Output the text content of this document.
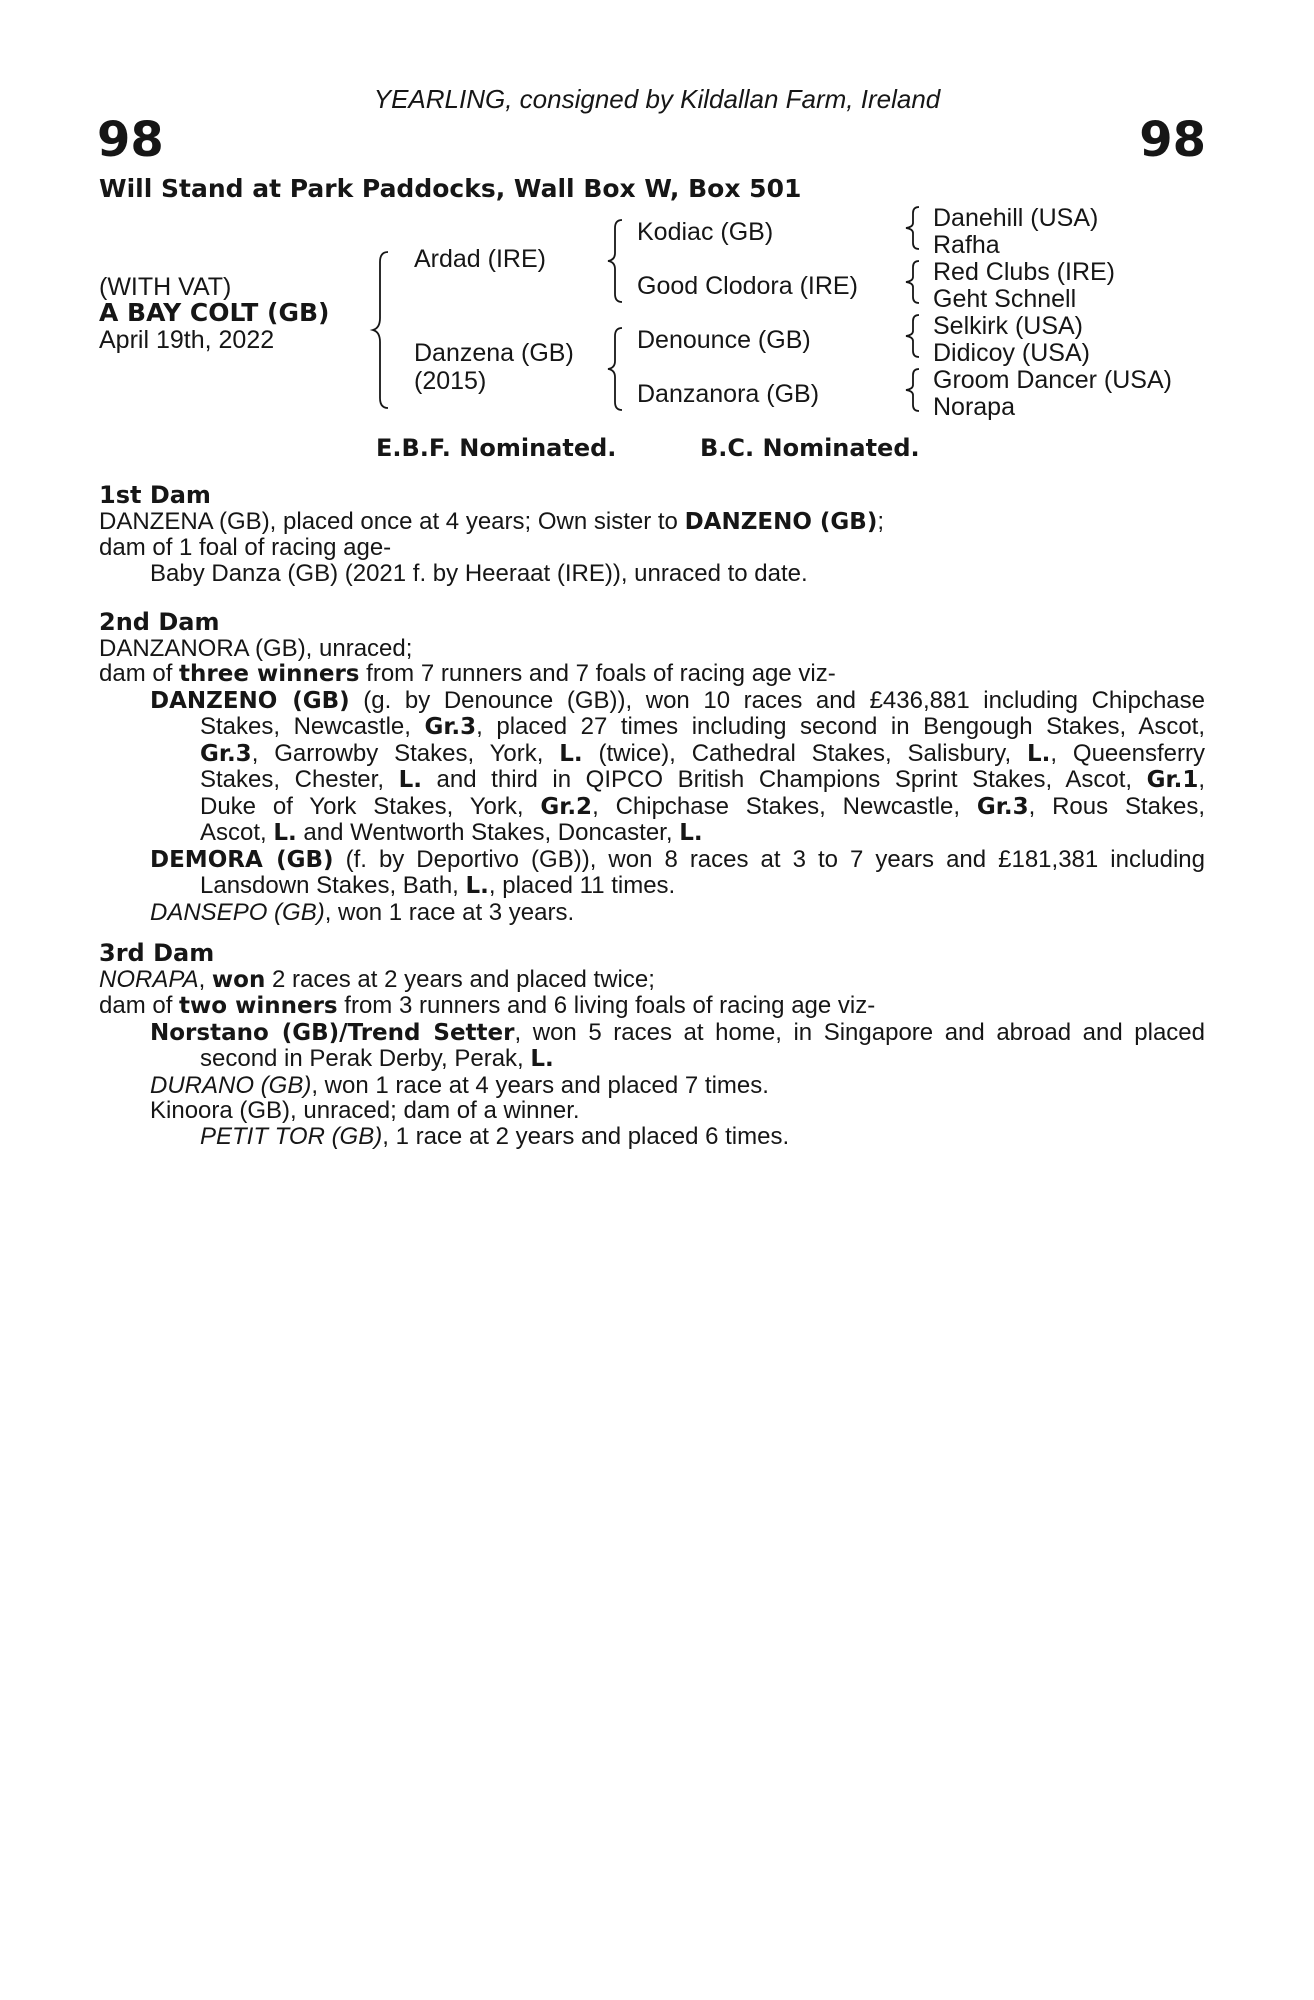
YEARLING, consigned by Kildallan Farm, Ireland
98	98
Will Stand at Park Paddocks, Wall Box W, Box 501
(WITH VAT)
A BAY COLT (GB)
April 19th, 2022
Ardad (IRE)
Danzena (GB)
(2015)
Kodiac (GB)
Good Clodora (IRE)
Denounce (GB)
Danzanora (GB)
Danehill (USA)
Rafha
Red Clubs (IRE)
Geht Schnell
Selkirk (USA)
Didicoy (USA)
Groom Dancer (USA)
Norapa
E.B.F. Nominated.	B.C. Nominated.
1st Dam
DANZENA (GB), placed once at 4 years; Own sister to DANZENO (GB);
dam of 1 foal of racing age-
Baby Danza (GB) (2021 f. by Heeraat (IRE)), unraced to date.
2nd Dam
DANZANORA (GB), unraced;
dam of three winners from 7 runners and 7 foals of racing age viz-
DANZENO (GB) (g. by Denounce (GB)), won 10 races and £436,881 including Chipchase
Stakes, Newcastle, Gr.3, placed 27 times including second in Bengough Stakes, Ascot,
Gr.3, Garrowby Stakes, York, L. (twice), Cathedral Stakes, Salisbury, L., Queensferry
Stakes, Chester, L. and third in QIPCO British Champions Sprint Stakes, Ascot, Gr.1,
Duke of York Stakes, York, Gr.2, Chipchase Stakes, Newcastle, Gr.3, Rous Stakes,
Ascot, L. and Wentworth Stakes, Doncaster, L.
DEMORA (GB) (f. by Deportivo (GB)), won 8 races at 3 to 7 years and £181,381 including
Lansdown Stakes, Bath, L., placed 11 times.
DANSEPO (GB), won 1 race at 3 years.
3rd Dam
NORAPA, won 2 races at 2 years and placed twice;
dam of two winners from 3 runners and 6 living foals of racing age viz-
Norstano (GB)/Trend Setter, won 5 races at home, in Singapore and abroad and placed
second in Perak Derby, Perak, L.
DURANO (GB), won 1 race at 4 years and placed 7 times.
Kinoora (GB), unraced; dam of a winner.
PETIT TOR (GB), 1 race at 2 years and placed 6 times.
